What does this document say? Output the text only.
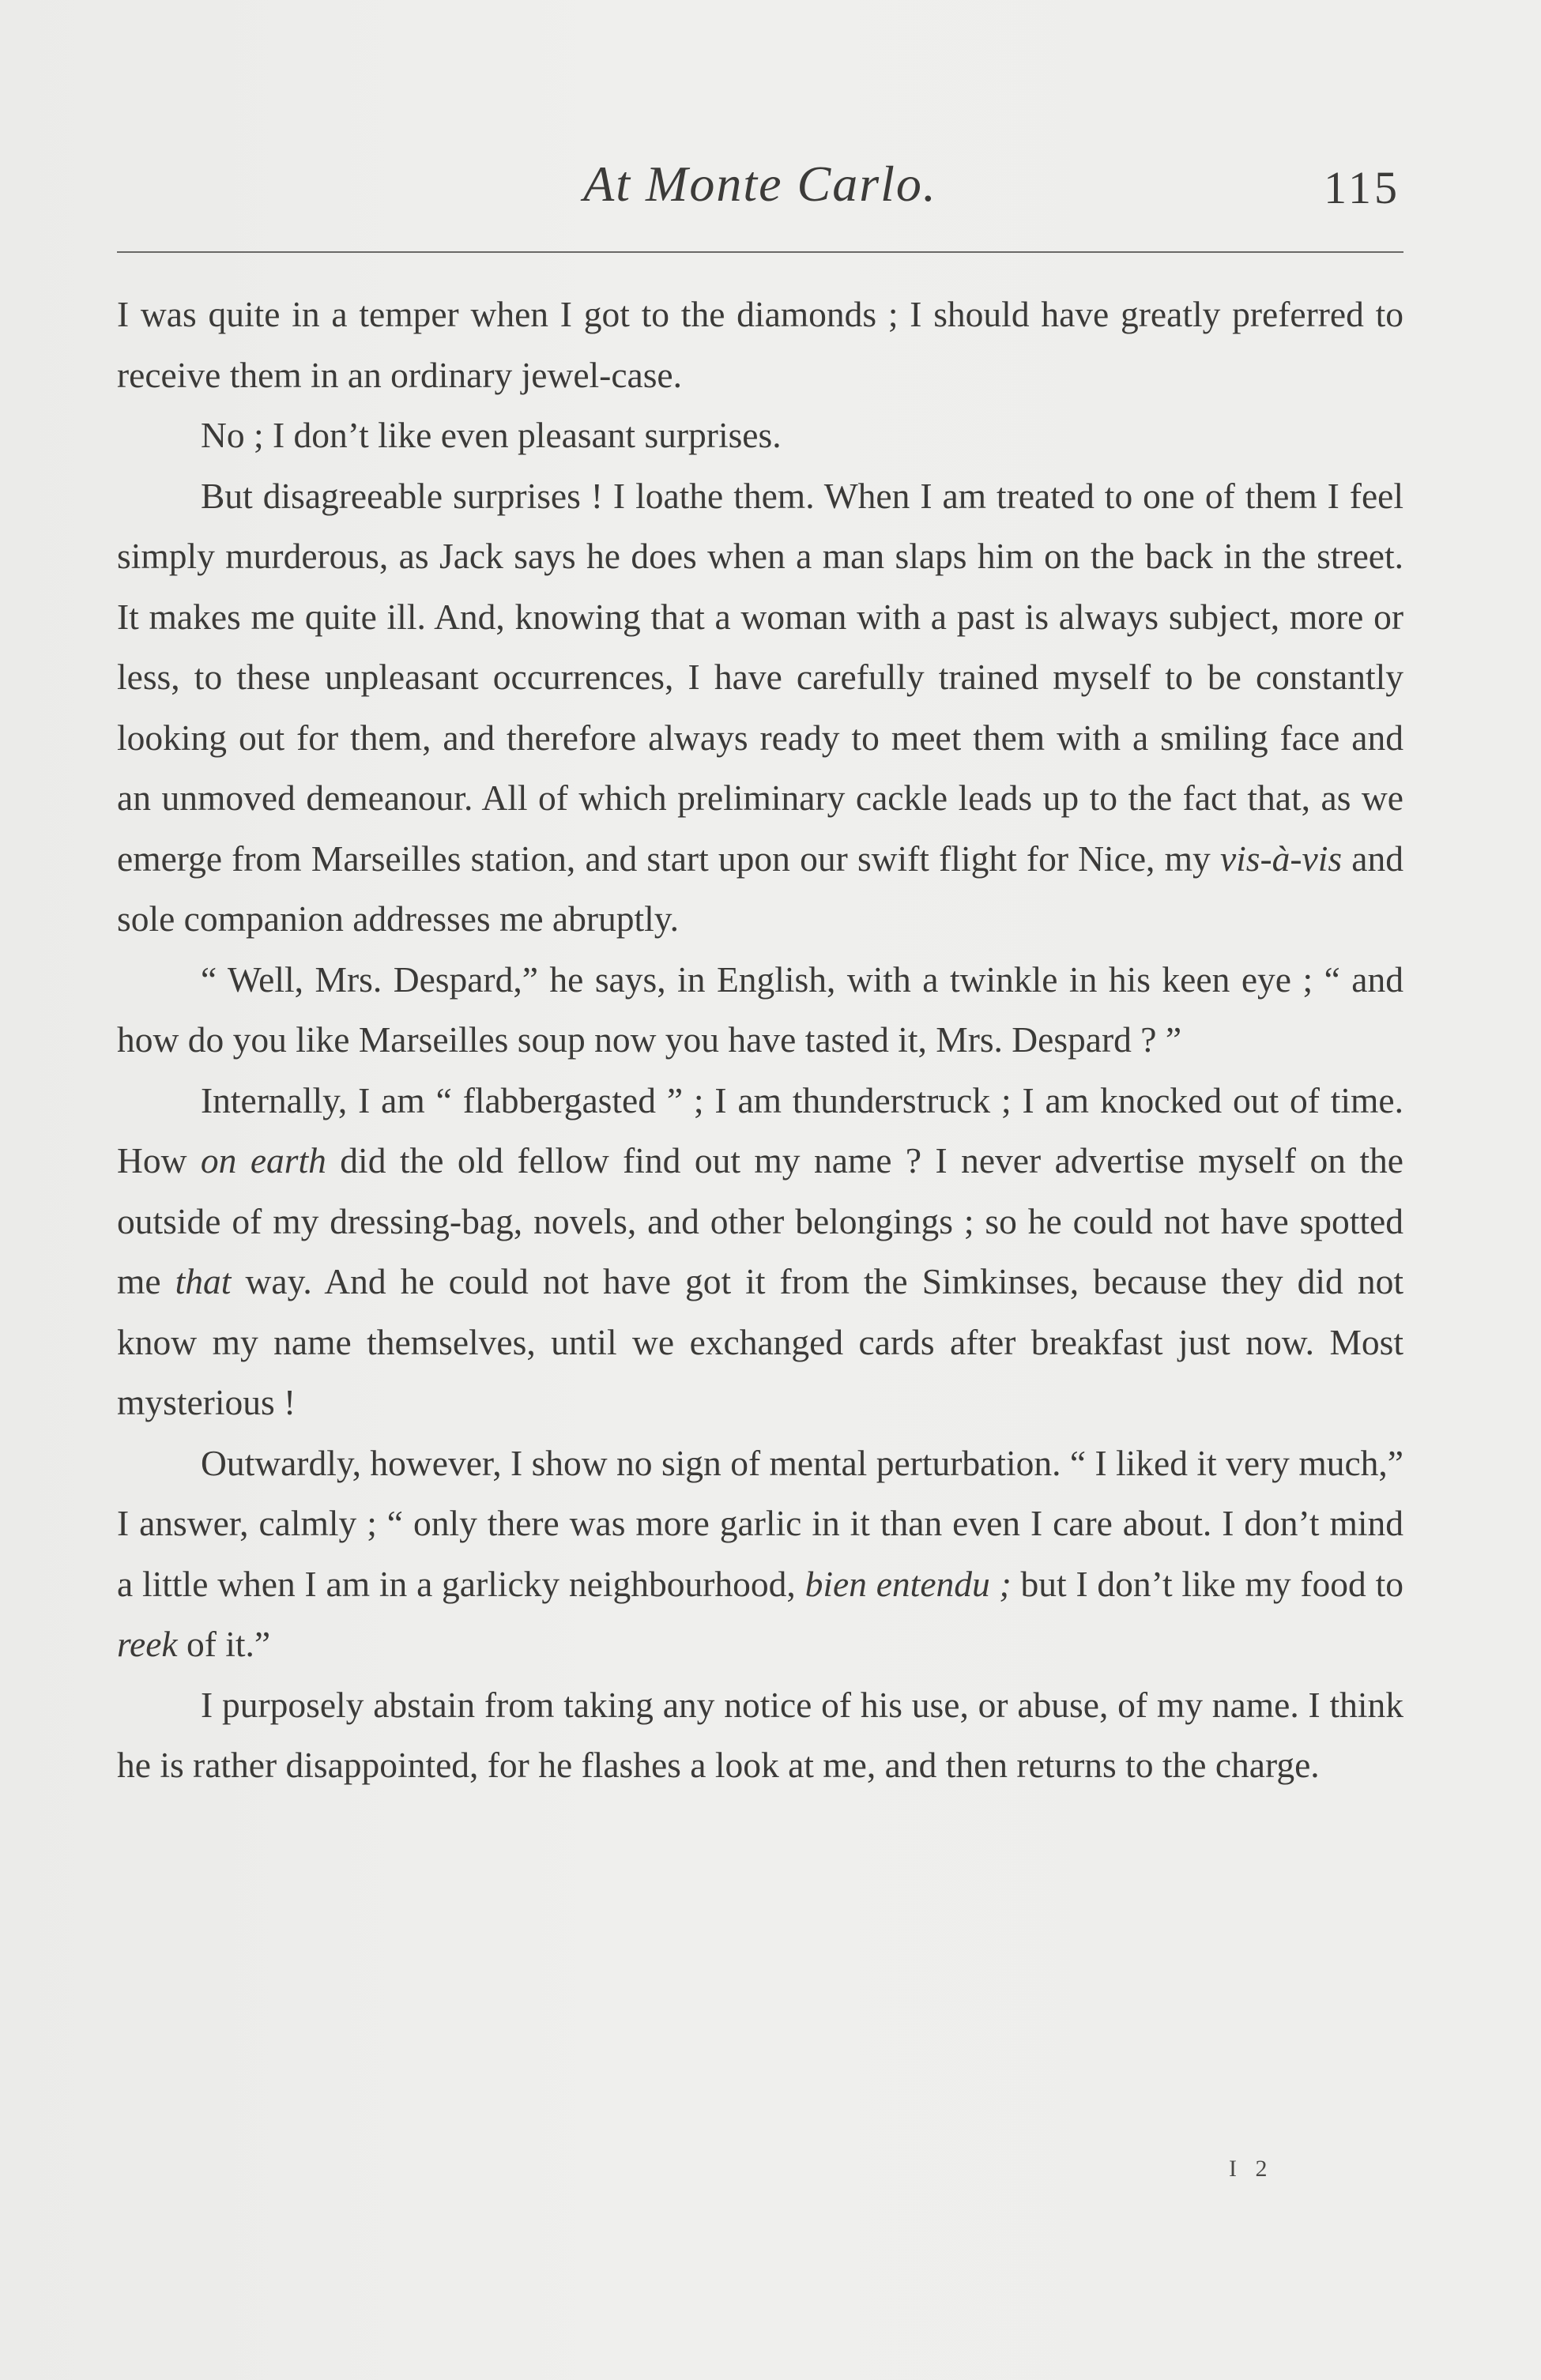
At Monte Carlo.	115

I was quite in a temper when I got to the diamonds ; I should have greatly preferred to receive them in an ordinary jewel-case.

No ; I don’t like even pleasant surprises.

But disagreeable surprises ! I loathe them. When I am treated to one of them I feel simply murderous, as Jack says he does when a man slaps him on the back in the street. It makes me quite ill. And, knowing that a woman with a past is always subject, more or less, to these unpleasant occurrences, I have carefully trained myself to be constantly looking out for them, and therefore always ready to meet them with a smiling face and an unmoved demeanour. All of which preliminary cackle leads up to the fact that, as we emerge from Marseilles station, and start upon our swift flight for Nice, my vis-à-vis and sole companion addresses me abruptly.

“ Well, Mrs. Despard,” he says, in English, with a twinkle in his keen eye ; “ and how do you like Marseilles soup now you have tasted it, Mrs. Despard ? ”

Internally, I am “ flabbergasted ” ; I am thunderstruck ; I am knocked out of time. How on earth did the old fellow find out my name ? I never advertise myself on the outside of my dressing-bag, novels, and other belongings ; so he could not have spotted me that way. And he could not have got it from the Simkinses, because they did not know my name themselves, until we exchanged cards after breakfast just now. Most mysterious !

Outwardly, however, I show no sign of mental perturbation. “ I liked it very much,” I answer, calmly ; “ only there was more garlic in it than even I care about. I don’t mind a little when I am in a garlicky neighbourhood, bien entendu ; but I don’t like my food to reek of it.”

I purposely abstain from taking any notice of his use, or abuse, of my name. I think he is rather disappointed, for he flashes a look at me, and then returns to the charge.

I 2
